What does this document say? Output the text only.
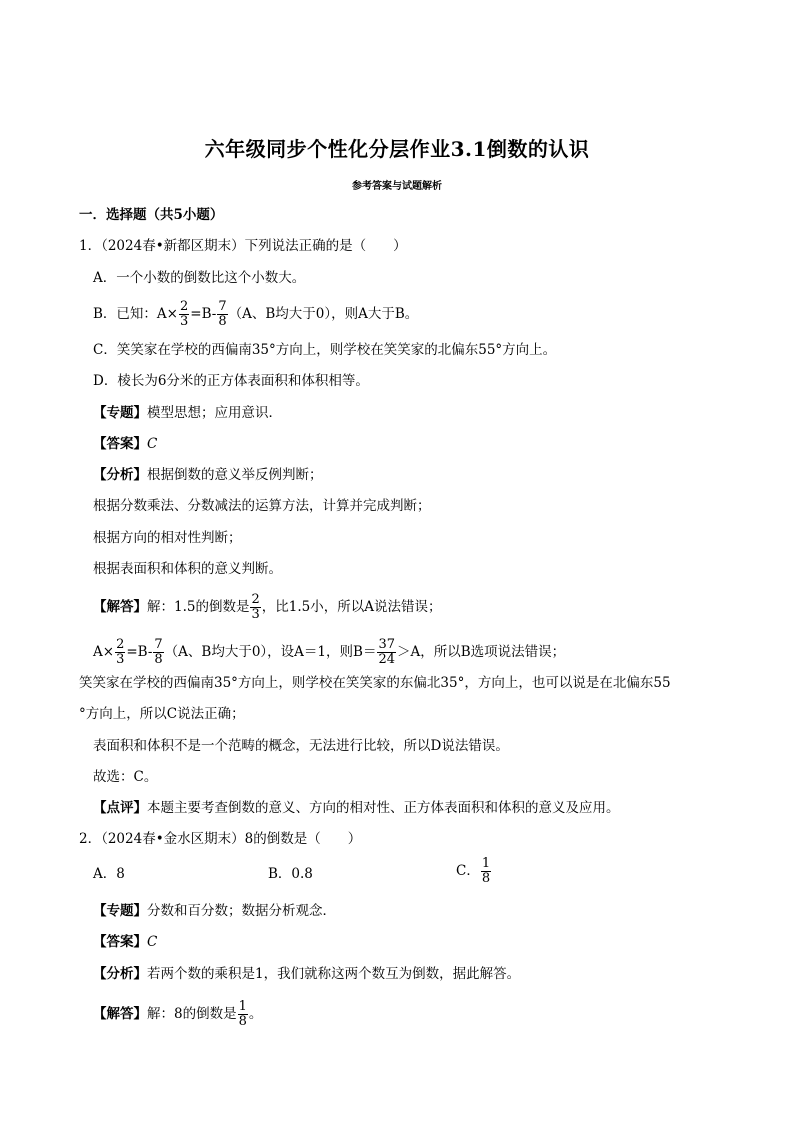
六年级同步个性化分层作业3.1倒数的认识
参考答案与试题解析
一．选择题（共5小题）
1．（2024春•新都区期末）下列说法正确的是（　　）
A．一个小数的倒数比这个小数大。
B．已知：$A\times \frac{2}{3} =B- \frac{7}{8} (A$、B均大于0），则A大于B。
C．笑笑家在学校的西偏南35°方向上，则学校在笑笑家的北偏东55°方向上。
D．棱长为6分米的正方体表面积和体积相等。
【专题】模型思想；应用意识．
【答案】C
【分析】根据倒数的意义举反例判断；
根据分数乘法、分数减法的运算方法，计算并完成判断；
根据方向的相对性判断；
根据表面积和体积的意义判断。
【解答】解：1.5的倒数是 $\frac{2}{3}$ ，比1.5小，所以A说法错误；
$A\times \frac{2}{3} =B- \frac{7}{8} (A$、B均大于0），设A＝1，则$B= \frac{37}{24} >A$，所以B选项说法错误；
笑笑家在学校的西偏南35°方向上，则学校在笑笑家的东偏北35°，方向上，也可以说是在北偏东55
°方向上，所以C说法正确；
表面积和体积不是一个范畴的概念，无法进行比较，所以D说法错误。
故选：C。
【点评】本题主要考查倒数的意义、方向的相对性、正方体表面积和体积的意义及应用。
2．（2024春•金水区期末）8的倒数是（　　）
A．8	B．0.8	C． $\frac{1}{8}$
【专题】分数和百分数；数据分析观念．
【答案】C
【分析】若两个数的乘积是1，我们就称这两个数互为倒数，据此解答。
【解答】解：8的倒数是 $\frac{1}{8}$ 。
